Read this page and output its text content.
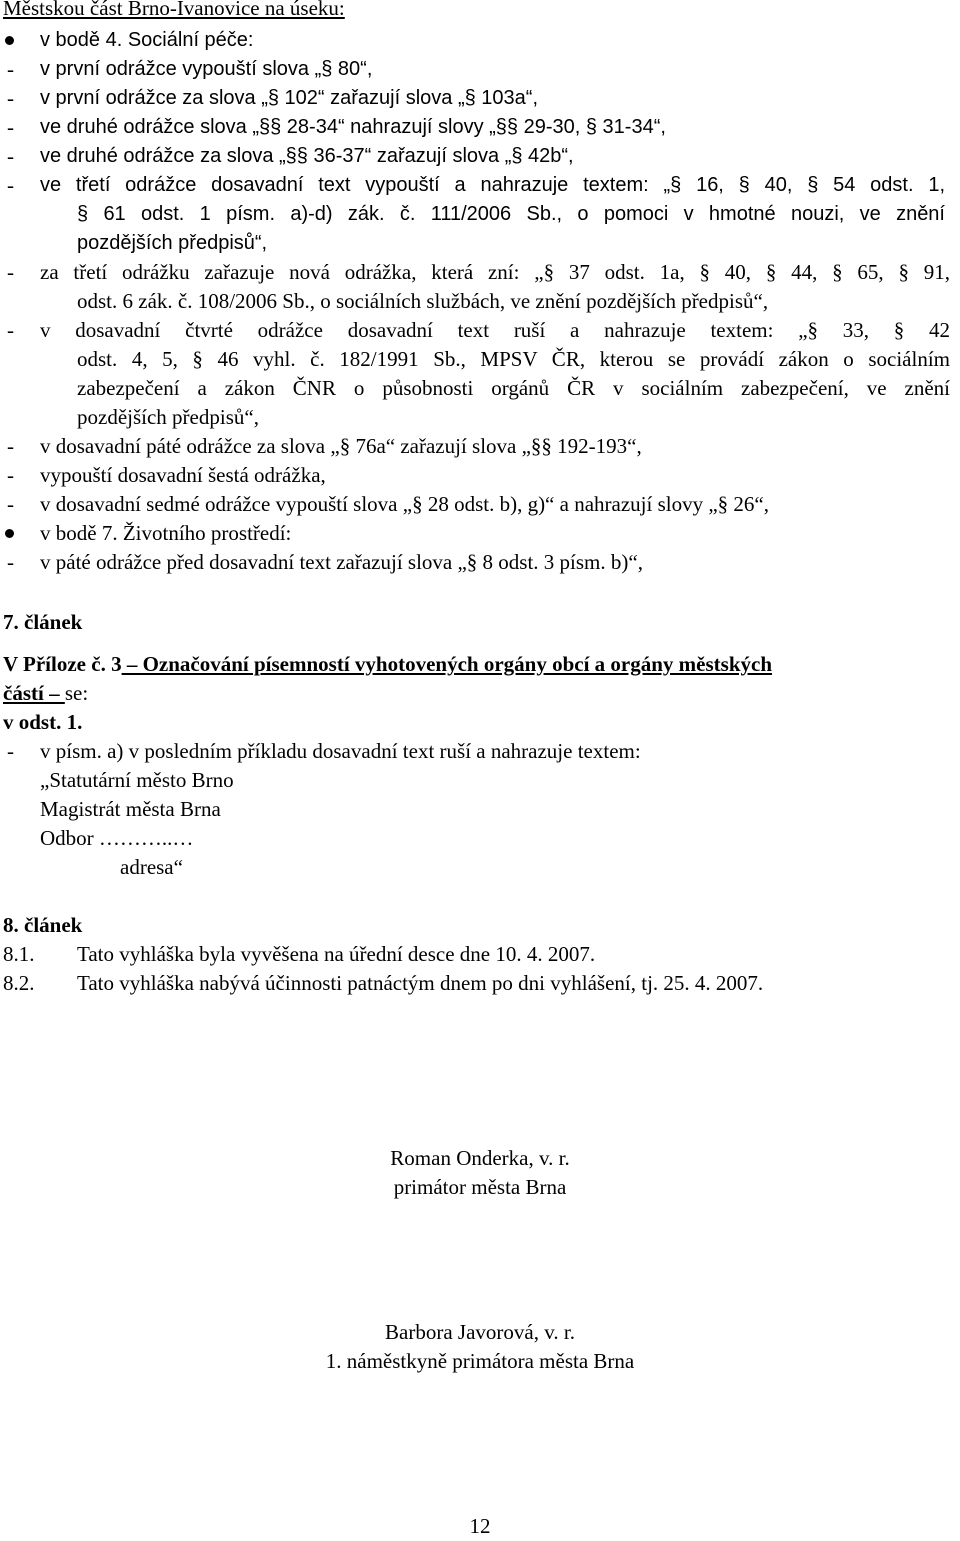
Městskou část Brno-Ivanovice na úseku:
v bodě 4. Sociální péče:
- v první odrážce vypouští slova „§ 80“,
- v první odrážce za slova „§ 102“ zařazují slova „§ 103a“,
- ve druhé odrážce slova „§§ 28-34“ nahrazují slovy „§§ 29-30, § 31-34“,
- ve druhé odrážce za slova „§§ 36-37“ zařazují slova „§ 42b“,
- ve třetí odrážce dosavadní text vypouští a nahrazuje textem: „§ 16, § 40, § 54 odst. 1,
§ 61 odst. 1 písm. a)-d) zák. č. 111/2006 Sb., o pomoci v hmotné nouzi, ve znění
pozdějších předpisů“,
- za třetí odrážku zařazuje nová odrážka, která zní: „§ 37 odst. 1a, § 40, § 44, § 65, § 91,
odst. 6 zák. č. 108/2006 Sb., o sociálních službách, ve znění pozdějších předpisů“,
- v dosavadní čtvrté odrážce dosavadní text ruší a nahrazuje textem: „§ 33, § 42
odst. 4, 5, § 46 vyhl. č. 182/1991 Sb., MPSV ČR, kterou se provádí zákon o sociálním
zabezpečení a zákon ČNR o působnosti orgánů ČR v sociálním zabezpečení, ve znění
pozdějších předpisů“,
- v dosavadní páté odrážce za slova „§ 76a“ zařazují slova „§§ 192-193“,
- vypouští dosavadní šestá odrážka,
- v dosavadní sedmé odrážce vypouští slova „§ 28 odst. b), g)“ a nahrazují slovy „§ 26“,
v bodě 7. Životního prostředí:
- v páté odrážce před dosavadní text zařazují slova „§ 8 odst. 3 písm. b)“,
7. článek
V Příloze č. 3 – Označování písemností vyhotovených orgány obcí a orgány městských
částí – se:
v odst. 1.
- v písm. a) v posledním příkladu dosavadní text ruší a nahrazuje textem:
„Statutární město Brno
Magistrát města Brna
Odbor ………..…
adresa“
8. článek
8.1. Tato vyhláška byla vyvěšena na úřední desce dne 10. 4. 2007.
8.2. Tato vyhláška nabývá účinnosti patnáctým dnem po dni vyhlášení, tj. 25. 4. 2007.
Roman Onderka, v. r.
primátor města Brna
Barbora Javorová, v. r.
1. náměstkyně primátora města Brna
12
